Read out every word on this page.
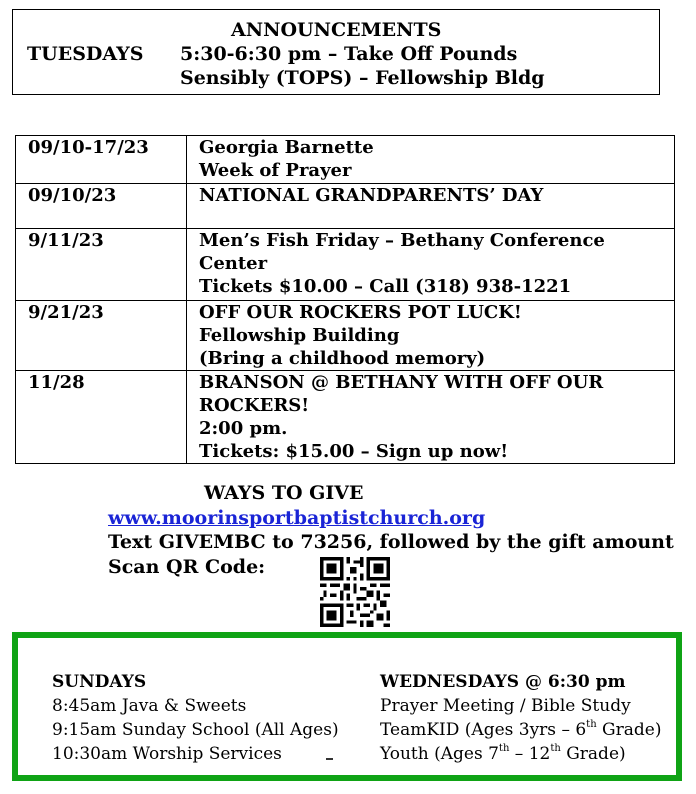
ANNOUNCEMENTS
TUESDAYS 5:30-6:30 pm – Take Off Pounds
Sensibly (TOPS) – Fellowship Bldg
09/10-17/23	Georgia Barnette
Week of Prayer

09/10/23	NATIONAL GRANDPARENTS’ DAY

9/11/23	Men’s Fish Friday – Bethany Conference
Center
Tickets $10.00 – Call (318) 938-1221

9/21/23	OFF OUR ROCKERS POT LUCK!
Fellowship Building
(Bring a childhood memory)

11/28	BRANSON @ BETHANY WITH OFF OUR
ROCKERS!
2:00 pm.
Tickets: $15.00 – Sign up now!
WAYS TO GIVE
www.moorinsportbaptistchurch.org
Text GIVEMBC to 73256, followed by the gift amount
Scan QR Code:
SUNDAYS
8:45am Java & Sweets
9:15am Sunday School (All Ages)
10:30am Worship Services
WEDNESDAYS @ 6:30 pm
Prayer Meeting / Bible Study
TeamKID (Ages 3yrs – 6th Grade)
Youth (Ages 7th – 12th Grade)
